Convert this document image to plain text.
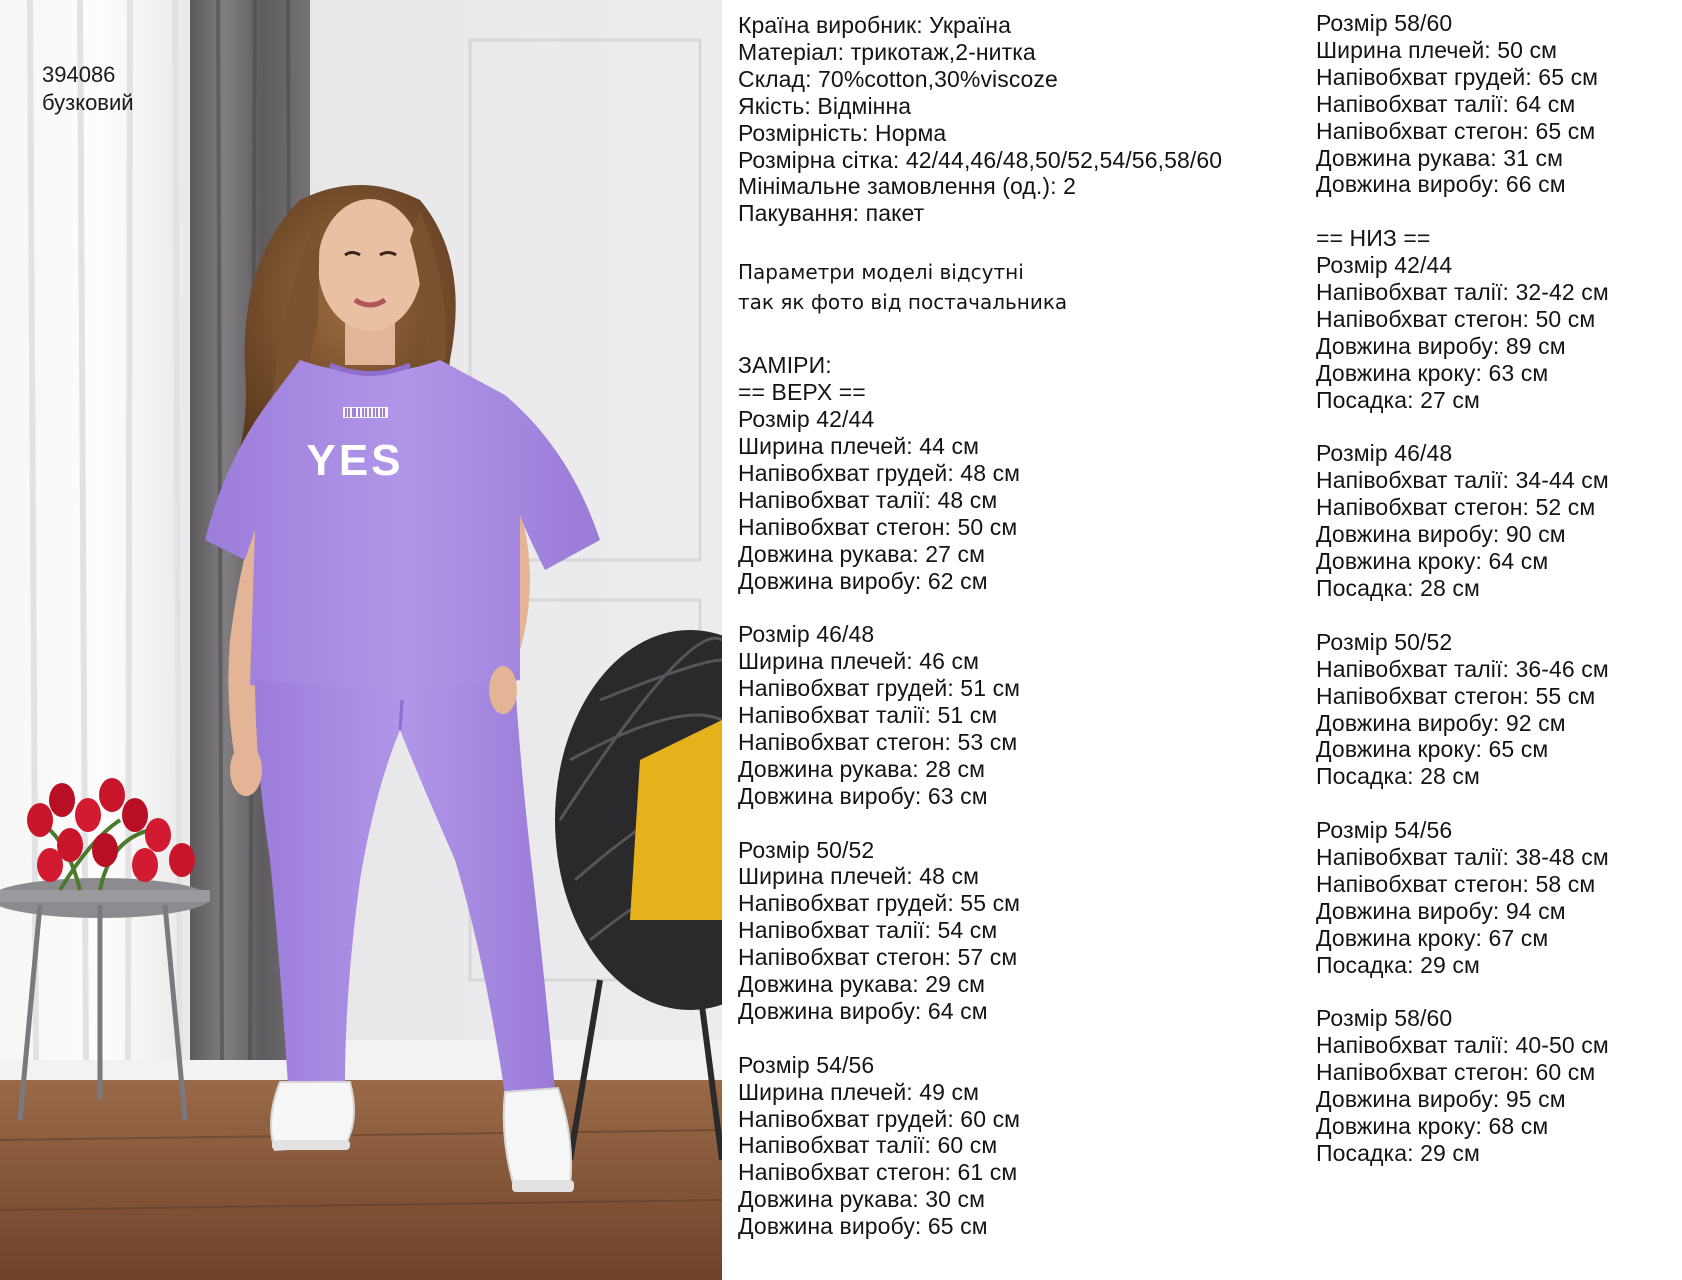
YES
394086
бузковий
Країна виробник: Україна
Матеріал: трикотаж,2-нитка
Склад: 70%cotton,30%viscoze
Якість: Відмінна
Розмірність: Норма
Розмірна сітка: 42/44,46/48,50/52,54/56,58/60
Мінімальне замовлення (од.): 2
Пакування: пакет
Параметри моделі відсутні
так як фото від постачальника
ЗАМІРИ:
== ВЕРХ ==
Розмір 42/44
Ширина плечей: 44 см
Напівобхват грудей: 48 см
Напівобхват талії: 48 см
Напівобхват стегон: 50 см
Довжина рукава: 27 см
Довжина виробу: 62 см
Розмір 46/48
Ширина плечей: 46 см
Напівобхват грудей: 51 см
Напівобхват талії: 51 см
Напівобхват стегон: 53 см
Довжина рукава: 28 см
Довжина виробу: 63 см
Розмір 50/52
Ширина плечей: 48 см
Напівобхват грудей: 55 см
Напівобхват талії: 54 см
Напівобхват стегон: 57 см
Довжина рукава: 29 см
Довжина виробу: 64 см
Розмір 54/56
Ширина плечей: 49 см
Напівобхват грудей: 60 см
Напівобхват талії: 60 см
Напівобхват стегон: 61 см
Довжина рукава: 30 см
Довжина виробу: 65 см
Розмір 58/60
Ширина плечей: 50 см
Напівобхват грудей: 65 см
Напівобхват талії: 64 см
Напівобхват стегон: 65 см
Довжина рукава: 31 см
Довжина виробу: 66 см
== НИЗ ==
Розмір 42/44
Напівобхват талії: 32-42 см
Напівобхват стегон: 50 см
Довжина виробу: 89 см
Довжина кроку: 63 см
Посадка: 27 см
Розмір 46/48
Напівобхват талії: 34-44 см
Напівобхват стегон: 52 см
Довжина виробу: 90 см
Довжина кроку: 64 см
Посадка: 28 см
Розмір 50/52
Напівобхват талії: 36-46 см
Напівобхват стегон: 55 см
Довжина виробу: 92 см
Довжина кроку: 65 см
Посадка: 28 см
Розмір 54/56
Напівобхват талії: 38-48 см
Напівобхват стегон: 58 см
Довжина виробу: 94 см
Довжина кроку: 67 см
Посадка: 29 см
Розмір 58/60
Напівобхват талії: 40-50 см
Напівобхват стегон: 60 см
Довжина виробу: 95 см
Довжина кроку: 68 см
Посадка: 29 см
